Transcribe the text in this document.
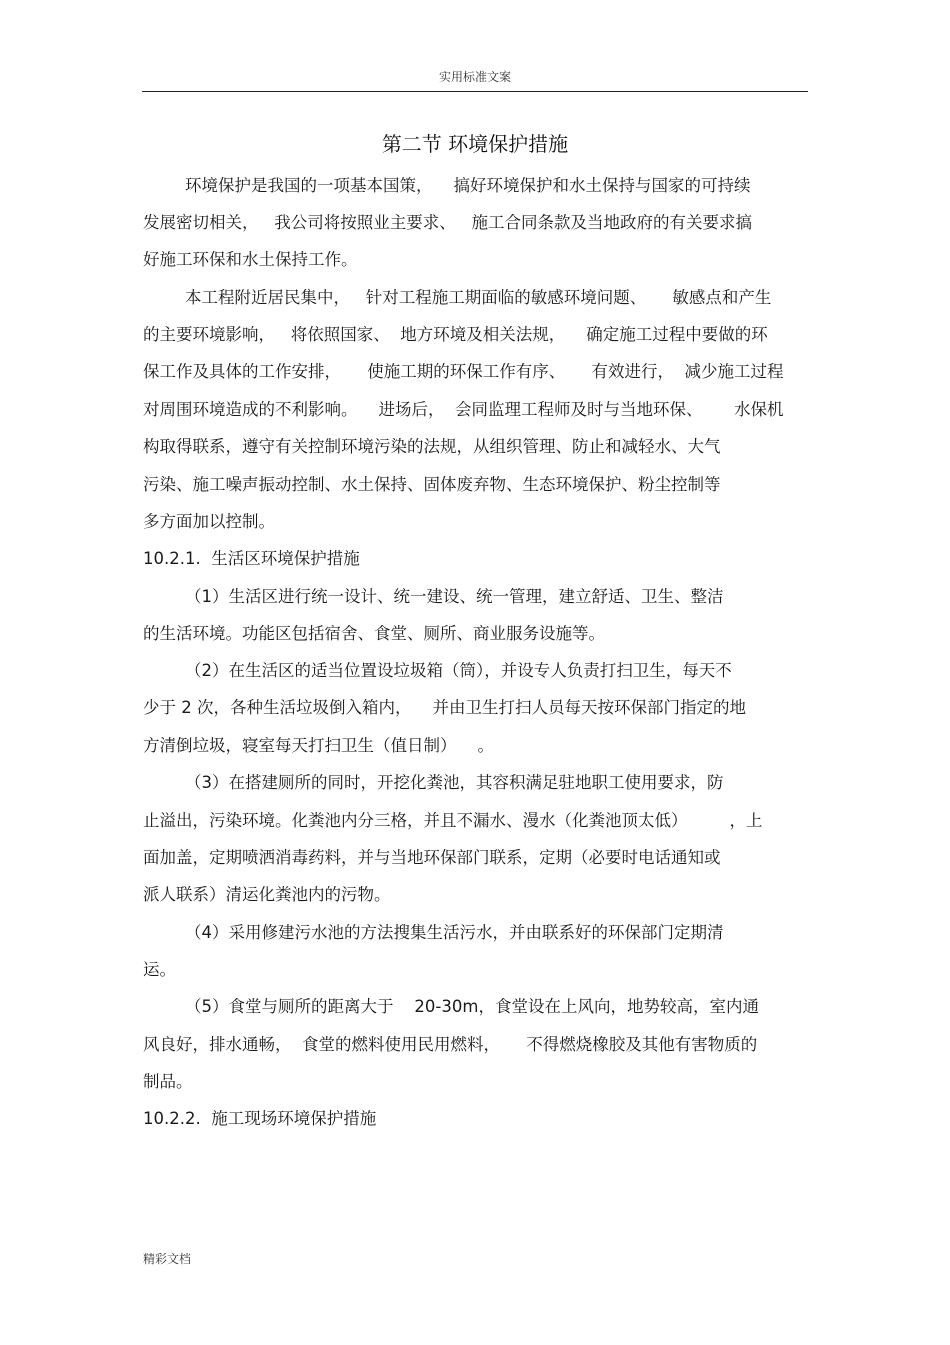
实用标准文案
第二节 环境保护措施
环境保护是我国的一项基本国策，    搞好环境保护和水土保持与国家的可持续
发展密切相关，   我公司将按照业主要求、   施工合同条款及当地政府的有关要求搞
好施工环保和水土保持工作。
本工程附近居民集中，   针对工程施工期面临的敏感环境问题、     敏感点和产生
的主要环境影响，   将依照国家、  地方环境及相关法规，    确定施工过程中要做的环
保工作及具体的工作安排，     使施工期的环保工作有序、     有效进行，  减少施工过程
对周围环境造成的不利影响。    进场后，  会同监理工程师及时与当地环保、      水保机
构取得联系，遵守有关控制环境污染的法规，从组织管理、防止和减轻水、大气
污染、施工噪声振动控制、水土保持、固体废弃物、生态环境保护、粉尘控制等
多方面加以控制。
10.2.1.  生活区环境保护措施
（1）生活区进行统一设计、统一建设、统一管理，建立舒适、卫生、整洁
的生活环境。功能区包括宿舍、食堂、厕所、商业服务设施等。
（2）在生活区的适当位置设垃圾箱（筒），并设专人负责打扫卫生，每天不
少于 2 次，各种生活垃圾倒入箱内，    并由卫生打扫人员每天按环保部门指定的地
方清倒垃圾，寝室每天打扫卫生（值日制）    。
（3）在搭建厕所的同时，开挖化粪池，其容积满足驻地职工使用要求，防
止溢出，污染环境。化粪池内分三格，并且不漏水、漫水（化粪池顶太低）        ，上
面加盖，定期喷洒消毒药料，并与当地环保部门联系，定期（必要时电话通知或
派人联系）清运化粪池内的污物。
（4）采用修建污水池的方法搜集生活污水，并由联系好的环保部门定期清
运。
（5）食堂与厕所的距离大于    20-30m，食堂设在上风向，地势较高，室内通
风良好，排水通畅，  食堂的燃料使用民用燃料，     不得燃烧橡胶及其他有害物质的
制品。
10.2.2.  施工现场环境保护措施
精彩文档
